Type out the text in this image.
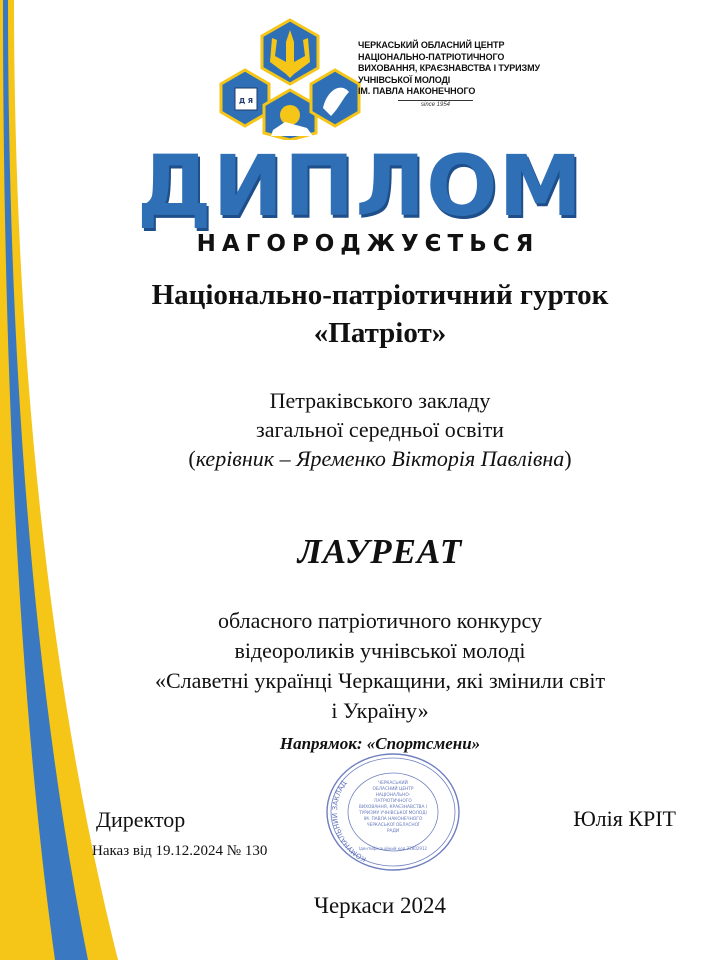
Д Я
ЧЕРКАСЬКИЙ ОБЛАСНИЙ ЦЕНТР
НАЦІОНАЛЬНО-ПАТРІОТИЧНОГО
ВИХОВАННЯ, КРАЄЗНАВСТВА І ТУРИЗМУ
УЧНІВСЬКОЇ МОЛОДІ
ІМ. ПАВЛА НАКОНЕЧНОГО
since 1954
ДИПЛОМ
НАГОРОДЖУЄТЬСЯ
Національно-патріотичний гурток
«Патріот»
Петраківського закладу
загальної середньої освіти
(керівник – Яременко Вікторія Павлівна)
ЛАУРЕАТ
обласного патріотичного конкурсу
відеороликів учнівської молоді
«Славетні українці Черкащини, які змінили світ
і Україну»
Напрямок: «Спортсмени»
КОМУНАЛЬНИЙ ЗАКЛАД	ЧЕРКАСЬКИЙ
ОБЛАСНИЙ ЦЕНТР
НАЦІОНАЛЬНО-
ПАТРІОТИЧНОГО
ВИХОВАННЯ, КРАЄЗНАВСТВА І
ТУРИЗМУ УЧНІВСЬКОЇ МОЛОДІ
ІМ. ПАВЛА НАКОНЕЧНОГО
ЧЕРКАСЬКОЇ ОБЛАСНОЇ
РАДИ
Ідентифікаційний код 22802912
Директор	Юлія КРІТ
Наказ від 19.12.2024 № 130
Черкаси 2024
